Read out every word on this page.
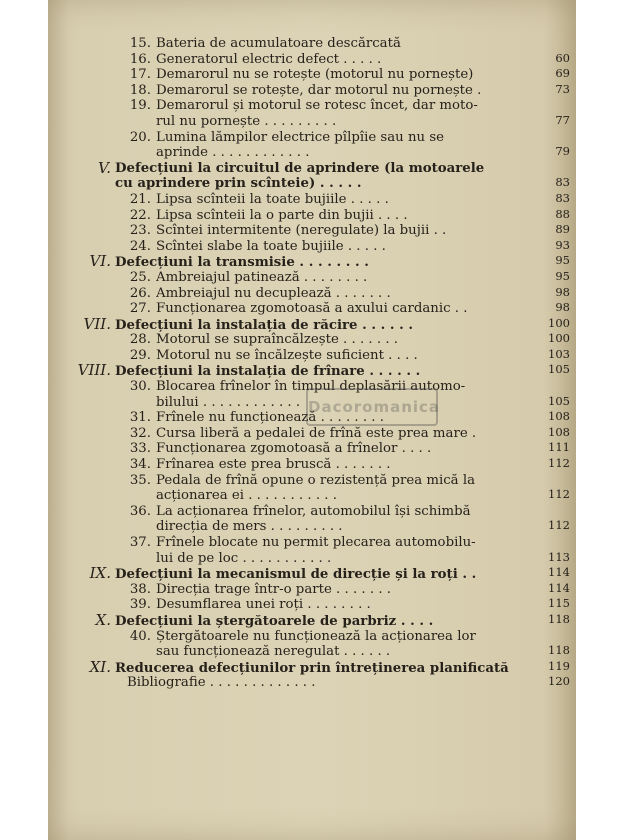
15. Bateria de acumulatoare descărcată
16. Generatorul electric defect . . . . .	60
17. Demarorul nu se rotește (motorul nu pornește)	69
18. Demarorul se rotește, dar motorul nu pornește .	73
19. Demarorul și motorul se rotesc încet, dar moto-
rul nu pornește . . . . . . . . .	77
20. Lumina lămpilor electrice pîlpîie sau nu se
aprinde . . . . . . . . . . . .	79
V. Defecțiuni la circuitul de aprindere (la motoarele
cu aprindere prin scînteie) . . . . .	83
21. Lipsa scînteii la toate bujiile . . . . .	83
22. Lipsa scînteii la o parte din bujii . . . .	88
23. Scîntei intermitente (neregulate) la bujii . .	89
24. Scîntei slabe la toate bujiile . . . . .	93
VI. Defecțiuni la transmisie . . . . . . . .	95
25. Ambreiajul patinează . . . . . . . .	95
26. Ambreiajul nu decuplează . . . . . . .	98
27. Funcționarea zgomotoasă a axului cardanic . .	98
VII. Defecțiuni la instalația de răcire . . . . . .	100
28. Motorul se supraîncălzește . . . . . . .	100
29. Motorul nu se încălzește suficient . . . .	103
VIII. Defecțiuni la instalația de frînare . . . . . .	105
30. Blocarea frînelor în timpul deplasării automo-
bilului . . . . . . . . . . . .	105
31. Frînele nu funcționează . . . . . . . .	108
32. Cursa liberă a pedalei de frînă este prea mare .	108
33. Funcționarea zgomotoasă a frînelor . . . .	111
34. Frînarea este prea bruscă . . . . . . .	112
35. Pedala de frînă opune o rezistență prea mică la
acționarea ei . . . . . . . . . . .	112
36. La acționarea frînelor, automobilul își schimbă
direcția de mers . . . . . . . . .	112
37. Frînele blocate nu permit plecarea automobilu-
lui de pe loc . . . . . . . . . . .	113
IX. Defecțiuni la mecanismul de direcție și la roți . .	114
38. Direcția trage într-o parte . . . . . . .	114
39. Desumflarea unei roți . . . . . . . .	115
X. Defecțiuni la ștergătoarele de parbriz . . . .	118
40. Ștergătoarele nu funcționează la acționarea lor
sau funcționează neregulat . . . . . .	118
XI. Reducerea defecțiunilor prin întreținerea planificată	119
Bibliografie . . . . . . . . . . . . .	120
Dacoromanica
